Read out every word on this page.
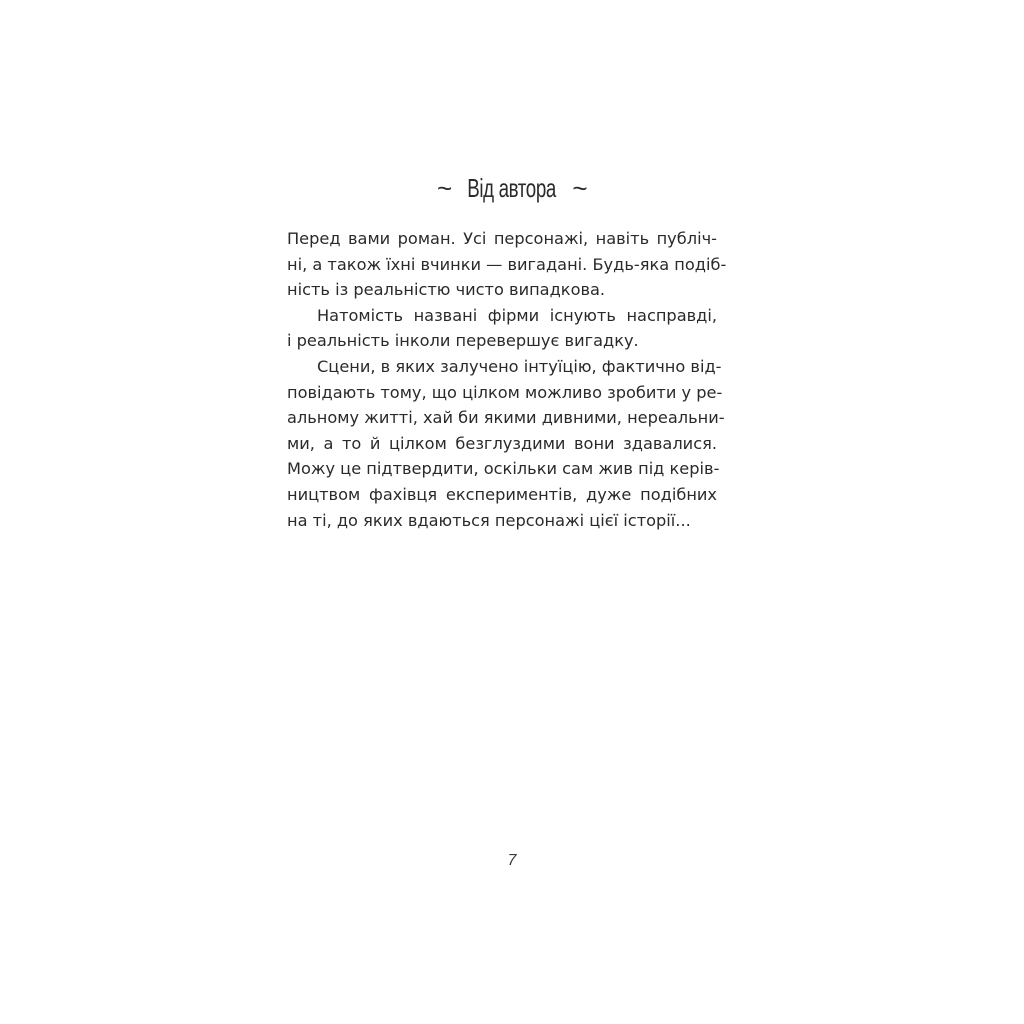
~ Від автора ~
Перед вами роман. Усі персонажі, навіть публіч-
ні, а також їхні вчинки — вигадані. Будь-яка подіб-
ність із реальністю чисто випадкова.
Натомість названі фірми існують насправді,
і реальність інколи перевершує вигадку.
Сцени, в яких залучено інтуїцію, фактично від-
повідають тому, що цілком можливо зробити у ре-
альному житті, хай би якими дивними, нереальни-
ми, а то й цілком безглуздими вони здавалися.
Можу це підтвердити, оскільки сам жив під керів-
ництвом фахівця експериментів, дуже подібних
на ті, до яких вдаються персонажі цієї історії...
7
